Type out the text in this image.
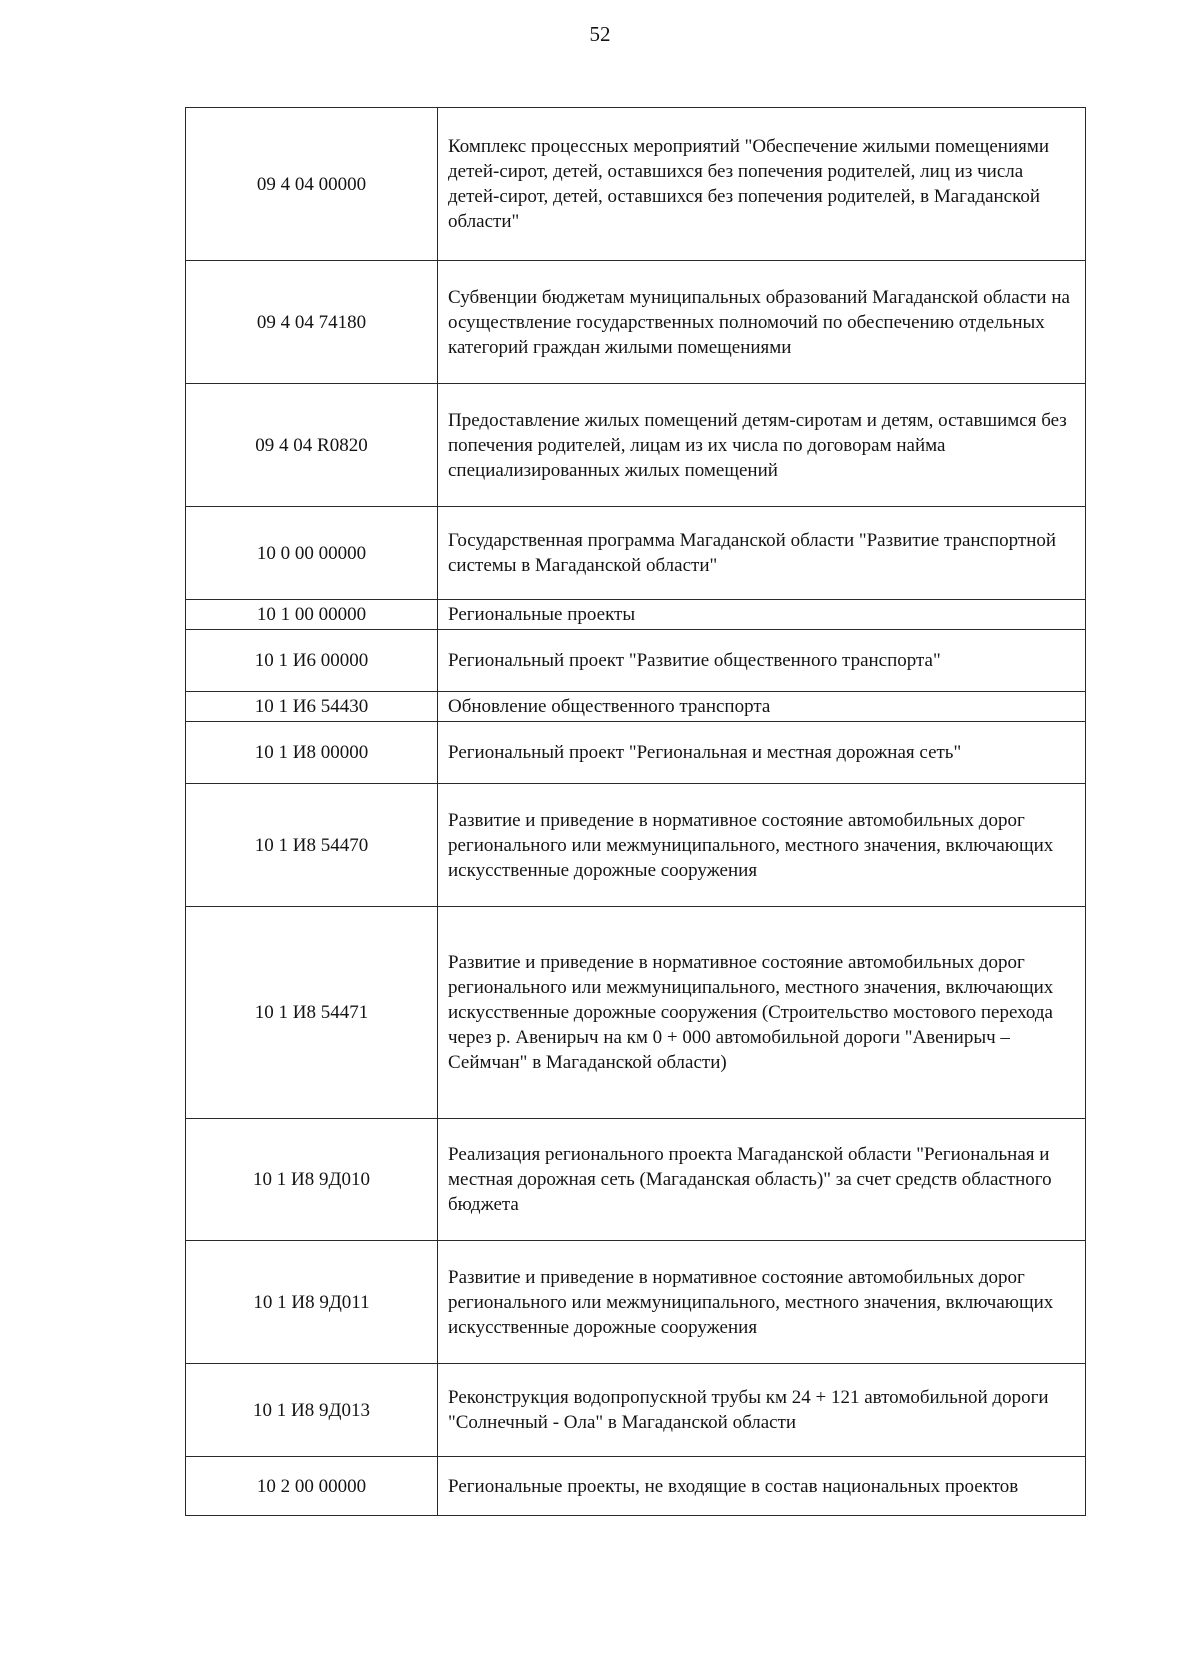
52
09 4 04 00000	Комплекс процессных мероприятий "Обеспечение жилыми помещениями детей-сирот, детей, оставшихся без попечения родителей, лиц из числа детей-сирот, детей, оставшихся без попечения родителей, в Магаданской области"
09 4 04 74180	Субвенции бюджетам муниципальных образований Магаданской области на осуществление государственных полномочий по обеспечению отдельных категорий граждан жилыми помещениями
09 4 04 R0820	Предоставление жилых помещений детям-сиротам и детям, оставшимся без попечения родителей, лицам из их числа по договорам найма специализированных жилых помещений
10 0 00 00000	Государственная программа Магаданской области "Развитие транспортной системы в Магаданской области"
10 1 00 00000	Региональные проекты
10 1 И6 00000	Региональный проект "Развитие общественного транспорта"
10 1 И6 54430	Обновление общественного транспорта
10 1 И8 00000	Региональный проект "Региональная и местная дорожная сеть"
10 1 И8 54470	Развитие и приведение в нормативное состояние автомобильных дорог регионального или межмуниципального, местного значения, включающих искусственные дорожные сооружения
10 1 И8 54471	Развитие и приведение в нормативное состояние автомобильных дорог регионального или межмуниципального, местного значения, включающих искусственные дорожные сооружения (Строительство мостового перехода через р. Авенирыч на км 0 + 000 автомобильной дороги "Авенирыч – Сеймчан" в Магаданской области)
10 1 И8 9Д010	Реализация регионального проекта Магаданской области "Региональная и местная дорожная сеть (Магаданская область)" за счет средств областного бюджета
10 1 И8 9Д011	Развитие и приведение в нормативное состояние автомобильных дорог регионального или межмуниципального, местного значения, включающих искусственные дорожные сооружения
10 1 И8 9Д013	Реконструкция водопропускной трубы км 24 + 121 автомобильной дороги "Солнечный - Ола" в Магаданской области
10 2 00 00000	Региональные проекты, не входящие в состав национальных проектов
